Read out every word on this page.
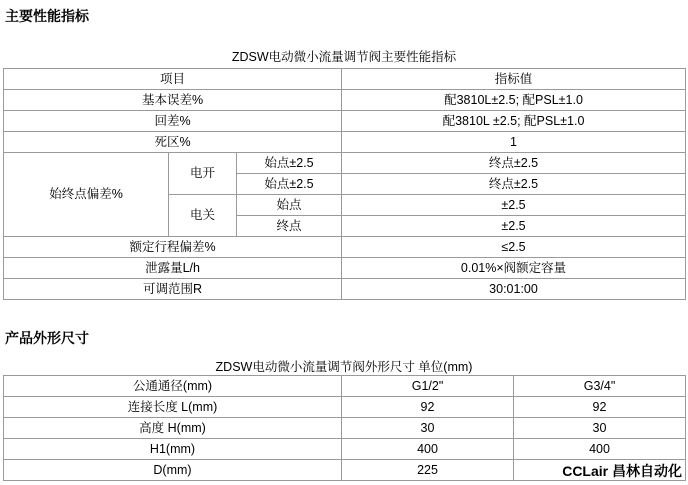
主要性能指标
ZDSW电动微小流量调节阀主要性能指标
项目			指标值
基本误差%			配3810L±2.5; 配PSL±1.0
回差%			配3810L ±2.5; 配PSL±1.0
死区%			1
始终点偏差%	电开	始点±2.5	终点±2.5
		始点±2.5	终点±2.5
	电关	始点	±2.5
		终点	±2.5
额定行程偏差%			≤2.5
泄露量L/h			0.01%×阀额定容量
可调范围R			30:01:00
产品外形尺寸
ZDSW电动微小流量调节阀外形尺寸 单位(mm)
公通通径(mm)	G1/2"	G3/4"
连接长度 L(mm)	92	92
高度 H(mm)	30	30
H1(mm)	400	400
D(mm)	225		CCLair 昌林自动化
